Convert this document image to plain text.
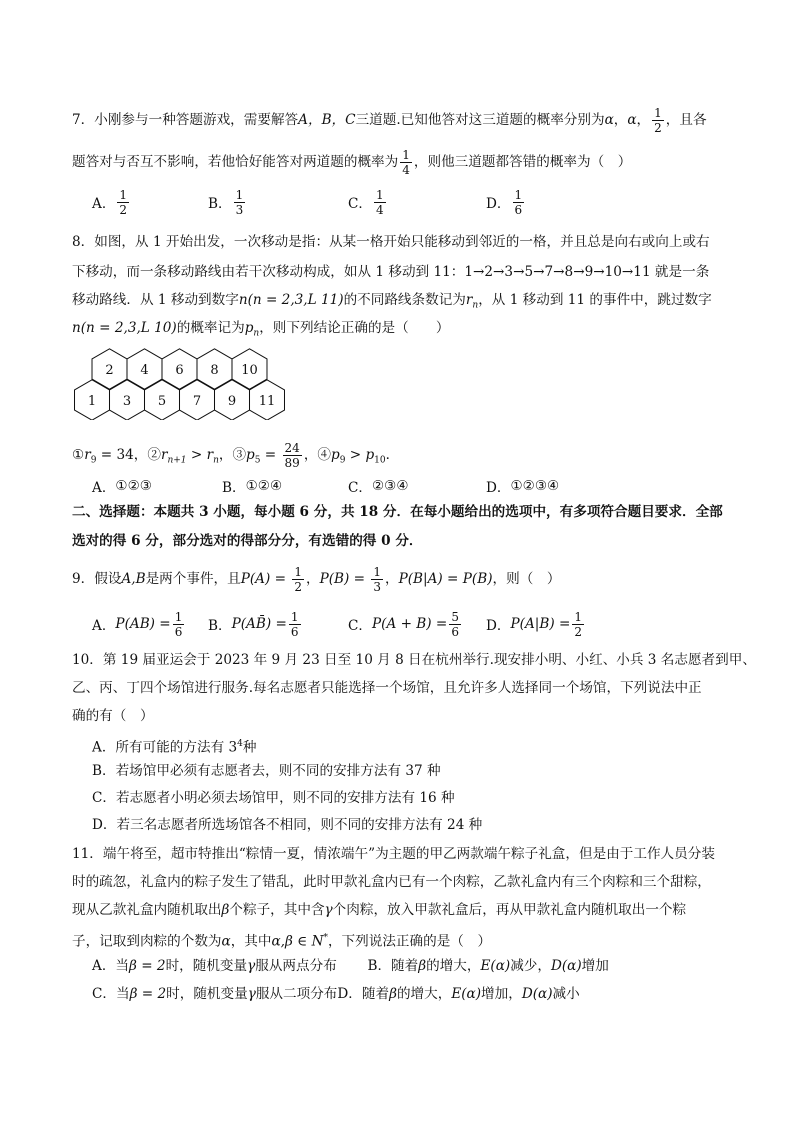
7．小刚参与一种答题游戏，需要解答A，B，C三道题.已知他答对这三道题的概率分别为α，α， $\frac{1}{2}$ ，且各
题答对与否互不影响，若他恰好能答对两道题的概率为 $\frac{1}{4}$ ，则他三道题都答错的概率为（　）
A． $\frac{1}{2}$	B． $\frac{1}{3}$	C． $\frac{1}{4}$	D． $\frac{1}{6}$
8．如图，从 1 开始出发，一次移动是指：从某一格开始只能移动到邻近的一格，并且总是向右或向上或右
下移动，而一条移动路线由若干次移动构成，如从 1 移动到 11：1→2→3→5→7→8→9→10→11 就是一条
移动路线．从 1 移动到数字n(n = 2,3,L 11)的不同路线条数记为$r_n$，从 1 移动到 11 的事件中，跳过数字
n(n = 2,3,L 10)的概率记为$p_n$，则下列结论正确的是（　　）
2 4 6 8 10
1 3 5 7 9 11
$①r_9 = 34$，$②r_{n+1} > r_n$，$③p_5 = \frac{24}{89}$ ，$④p_9 > p_{10}$．
A． ①②③	B． ①②④	C． ②③④	D． ①②③④
二、选择题：本题共 3 小题，每小题 6 分，共 18 分．在每小题给出的选项中，有多项符合题目要求．全部
选对的得 6 分，部分选对的得部分分，有选错的得 0 分．
9．假设A,B是两个事件，且$P(A) = \frac{1}{2}$ ，$P(B) = \frac{1}{3}$ ，P(B|A) = P(B)，则（　）
A． $P(AB) = \frac{1}{6}$ B． P(AB̄) = $\frac{1}{6}$	C． $P(A + B) = \frac{5}{6}$ D． $P(A|B) = \frac{1}{2}$
10．第 19 届亚运会于 2023 年 9 月 23 日至 10 月 8 日在杭州举行.现安排小明、小红、小兵 3 名志愿者到甲、
乙、丙、丁四个场馆进行服务.每名志愿者只能选择一个场馆，且允许多人选择同一个场馆，下列说法中正
确的有（　）
A．所有可能的方法有 $3^4$种
B．若场馆甲必须有志愿者去，则不同的安排方法有 37 种
C．若志愿者小明必须去场馆甲，则不同的安排方法有 16 种
D．若三名志愿者所选场馆各不相同，则不同的安排方法有 24 种
11．端午将至，超市特推出“粽情一夏，情浓端午”为主题的甲乙两款端午粽子礼盒，但是由于工作人员分装
时的疏忽，礼盒内的粽子发生了错乱，此时甲款礼盒内已有一个肉粽，乙款礼盒内有三个肉粽和三个甜粽，
现从乙款礼盒内随机取出β个粽子，其中含γ个肉粽，放入甲款礼盒后，再从甲款礼盒内随机取出一个粽
子，记取到肉粽的个数为α，其中α,β ∈ N*，下列说法正确的是（　）
A．当β = 2时，随机变量γ服从两点分布 B．随着β的增大，E(α)减少，D(α)增加
C．当β = 2时，随机变量γ服从二项分布D．随着β的增大，E(α)增加，D(α)减小
